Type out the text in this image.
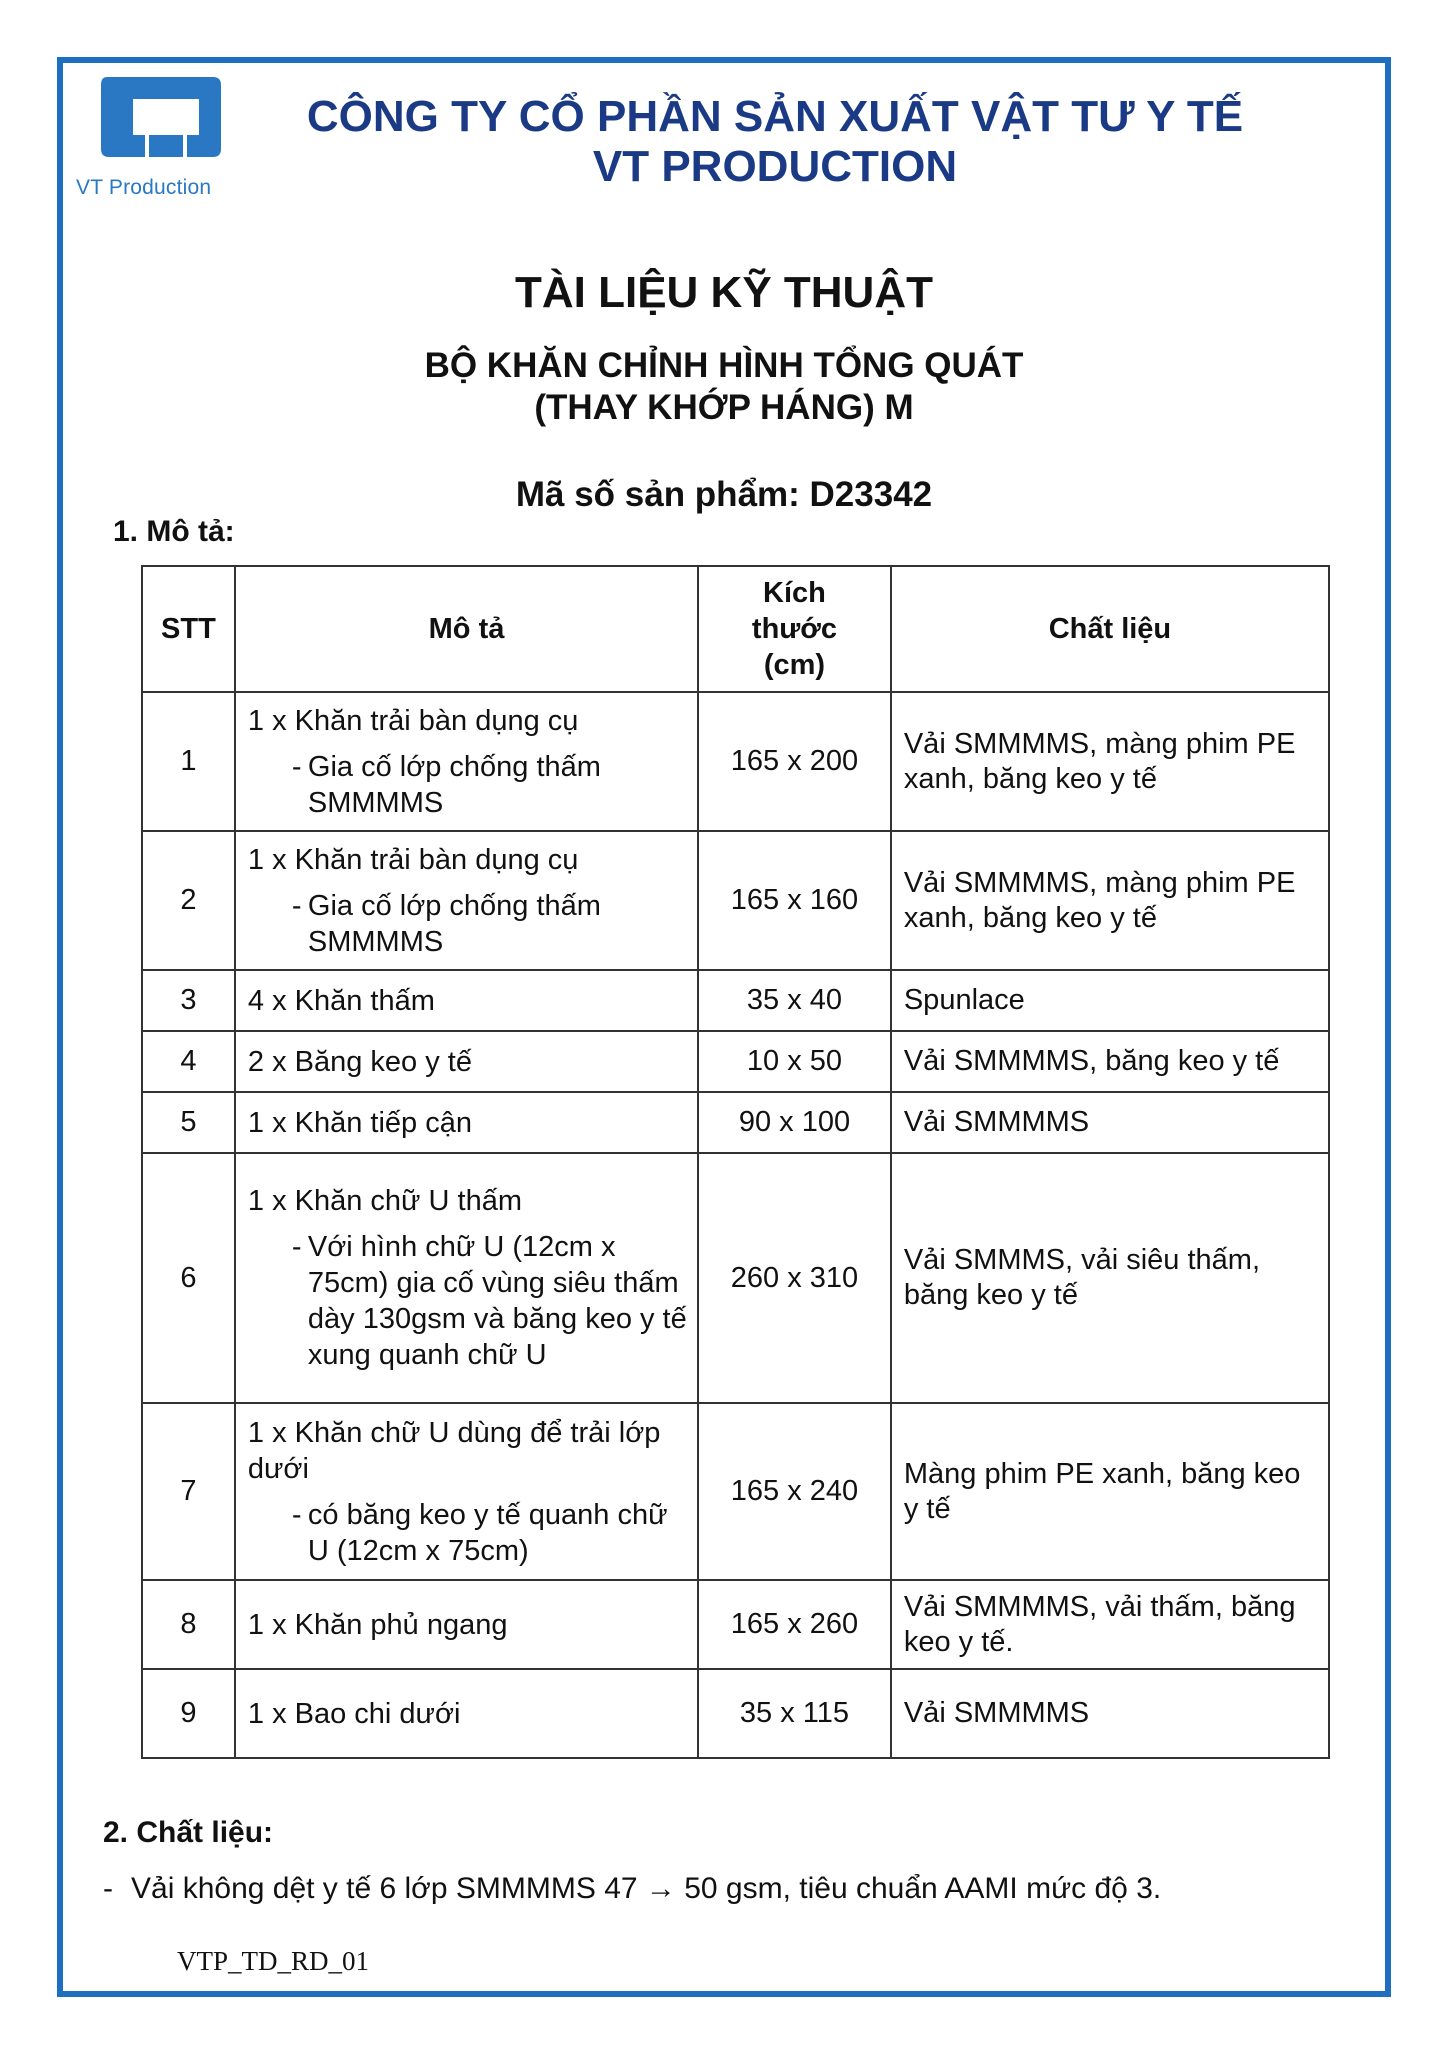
VT Production
CÔNG TY CỔ PHẦN SẢN XUẤT VẬT TƯ Y TẾ
VT PRODUCTION
TÀI LIỆU KỸ THUẬT
BỘ KHĂN CHỈNH HÌNH TỔNG QUÁT
(THAY KHỚP HÁNG) M
Mã số sản phẩm: D23342
1. Mô tả:
STT	Mô tả	Kích thước (cm)	Chất liệu
1	1 x Khăn trải bàn dụng cụ
- Gia cố lớp chống thấm SMMMMS	165 x 200	Vải SMMMMS, màng phim PE xanh, băng keo y tế
2	1 x Khăn trải bàn dụng cụ
- Gia cố lớp chống thấm SMMMMS	165 x 160	Vải SMMMMS, màng phim PE xanh, băng keo y tế
3	4 x Khăn thấm	35 x 40	Spunlace
4	2 x Băng keo y tế	10 x 50	Vải SMMMMS, băng keo y tế
5	1 x Khăn tiếp cận	90 x 100	Vải SMMMMS
6	1 x Khăn chữ U thấm
- Với hình chữ U (12cm x 75cm) gia cố vùng siêu thấm dày 130gsm và băng keo y tế xung quanh chữ U	260 x 310	Vải SMMMS, vải siêu thấm, băng keo y tế
7	1 x Khăn chữ U dùng để trải lớp dưới
- có băng keo y tế quanh chữ U (12cm x 75cm)	165 x 240	Màng phim PE xanh, băng keo y tế
8	1 x Khăn phủ ngang	165 x 260	Vải SMMMMS, vải thấm, băng keo y tế.
9	1 x Bao chi dưới	35 x 115	Vải SMMMMS
2. Chất liệu:
- Vải không dệt y tế 6 lớp SMMMMS 47 → 50 gsm, tiêu chuẩn AAMI mức độ 3.
VTP_TD_RD_01
